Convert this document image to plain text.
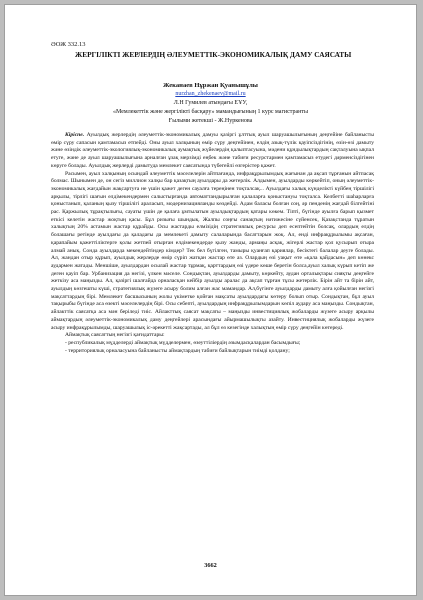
ӘОЖ 332.13
ЖЕРГІЛІКТІ ЖЕРЛЕРДІҢ ӘЛЕУМЕТТІК-ЭКОНОМИКАЛЫҚ ДАМУ САЯСАТЫ
Жеканаев Нұржан Қуанышұлы
nurzhan_zhekenaev@mail.ru
Л.Н Гумилев атындағы ЕҰУ,
«Мемлекеттік және жергілікті басқару» мамандығының 1 курс магистранты
Ғылыми жетекші - Ж.Нуркенова

Кіріспе. Ауылдық жерлердің әлеуметтік-экономикалық дамуы қазіргі ұлттық ауыл шаруашылығының деңгейіне байланысты өмір сүру сапасын қамтамасыз етпейді. Оны ауыл халқының өмір сүру деңгейінен, елдің азық-түлік қауіпсіздігінің, өзін-өзі дамыту және өзіндік әлеуметтік-экологиялық-экономикалық аумақтық жүйелердің қалыптасуына, мәдени құндылықтардың сақталуына ықпал етуге, және де ауыл шаруашылығына арналған ұзақ мерзімді еңбек және табиғи ресурстармен қамтамасыз етудегі дәрменсіздігінен көруге болады. Ауылдық жерлерді дамытуда мемлекет саясатында түбегейлі өзгерістер қажет.

Расымен, ауыл халқының осындай әлеуметтік мәселелерін айтпағанда, инфрақұрылымдық жағынан да ақсап тұрғанын айтпасақ болмас. Шынымен де, он сегіз миллион халқы бар қазақтың ауылдары да жетерлік. Алдымен, ауылдарды көркейтіп, оның әлеуметтік-экономикалық жағдайын жақсартуға не үшін қажет деген сауалға тереңінен тоқталсақ... Ауылдағы халық күнделікті күйбең тіршілігі арқылы, тірлігі шағын елдімекендермен салыстырғанда автоматтандырылған қалаларға қоныстануы тоқталса. Келбетті шаһарларға қоныстанып, қаланың қызу тіршілігі араласып, модернизацияланды көздейді. Адам баласы болған соң, әр пенденің жағдай білгейтіні рас. Қаржылық тұрақтылығы, сауаты үшін де қалаға ұмтылатын ауылдықтардың қатары көкем. Тіпті, бүгінде ауылға барып қызмет еткісі келетін жастар жоқтың қасы. Бұл ризығы шындық. Жалпы соңғы санақтың нәтижесіне сүйенсек, Қазақстанда тұратын халықтың 20% астамын жастар құрайды. Осы жастарды елмізідің стратегиялық ресурсы деп есептейтін болсақ, олардың елдің болашағы ретінде ауылдағы да қаладағы да мемлекеті дамыту салаларында басаттарын жоқ. Ал, енді инфрақұрылымы ақсаған, қарапайым қажеттіліктерге қолы жетпей отырған елдімекендерде қызу жанды, армаңы асқақ, жігерлі жастар қол қусырып отыра алмай анық. Сонда ауылдарда мекендейтіндер кімдер? Тек бел бүгілген, тамыры қуанғап қариялар, бесіктегі балалар деуге болады. Ал, жандан отыр құрып, ауылдық жерлерде өмір сүріп жатқан жастар өте аз. Олардың өзі уақыт өте «қала қайдасын» деп көнекс аудармен жатады. Меншіше, ауылдардан осылай жастар тұрмақ, қарттардың өзі үдере көше беретін болса,ауыл халық күрып кетіп же деген қауіп бар. Урбанизация да негізі, үлкен мәселе. Сондықтан, ауылдарды дамыту, көркейту, аудан орталықтары сияқты деңгейге жеткізу аса маңызды. Ал, қазіргі шалғайда орналасқан кейбір ауылды аралас да ақсап тұрған тұсы жетерлік. Бірін айт та бірін айт, ауылдың көзгешты күші, стратегиялық жүзеге асыру болим алған жас мамандар. Ал,бүгінге ауылдарды дамыту алға қойылған негізгі мақсаттардың бірі. Мемлекет басшысының жолы үкіметке қойған мақсаты ауылдардагы көтеру болып отыр. Сондықтан, бұл ауыл тақырыбы бүгінде аса өзекті мәселелердің бірі. Осы себепті, ауылдардың инфрақұрылымдарын көпіл аудару аса маңызды. Сондықтан, айлакттік саясатқа аса мән беріледі тиіс. Айлакттық саясат мақсаты – маңызды инвестициялық жобаларды жүзеге асыру арқылы аймақтардың әлеуметтік-экономикалық даму деңгейлері арасындағы айырмашылықты азайту. Инвестициялық жобаларды жүзеге асыру инфрақұрылымды, шаруашылық іс-әрекетті жақсартады, ал бұл өз кезегінде халықтың өмір сүру деңгейін көтереді.

Аймақтық саясаттың негізгі қағидаттары:

- республикалық мүдделерді аймақтық мүдделермен, өзеуттіліердің әзымдасқалардан басымдығы;

- территориялық орналасуына байланысты аймақтардың табиғи байлықтарын тиімді қолдану;

3662
